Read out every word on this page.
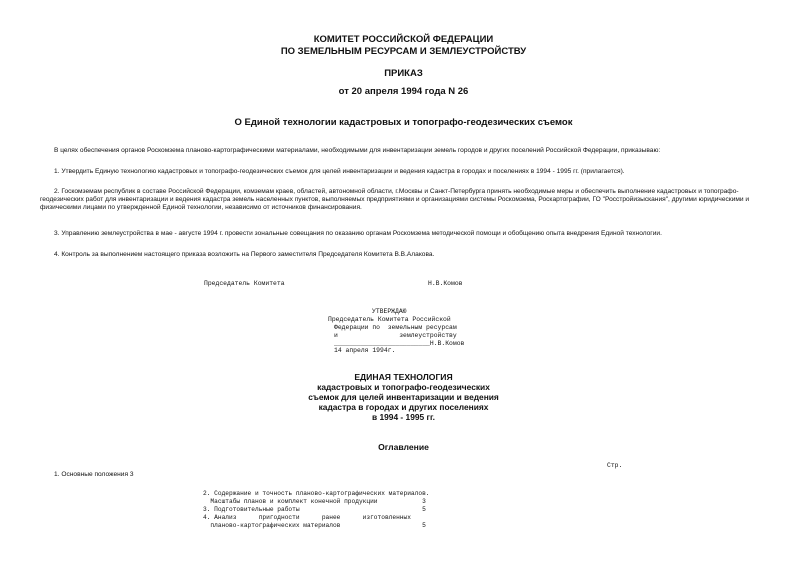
КОМИТЕТ РОССИЙСКОЙ ФЕДЕРАЦИИ
ПО ЗЕМЕЛЬНЫМ РЕСУРСАМ И ЗЕМЛЕУСТРОЙСТВУ
ПРИКАЗ
от 20 апреля 1994 года N 26
О Единой технологии кадастровых и топографо-геодезических съемок
В целях обеспечения органов Роскомзема планово-картографическими материалами, необходимыми для инвентаризации земель городов и других поселений Российской Федерации, приказываю:
1. Утвердить Единую технологию кадастровых и топографо-геодезических съемок для целей инвентаризации и ведения кадастра в городах и поселениях в 1994 - 1995 гг. (прилагается).
2. Госкомземам республик в составе Российской Федерации, комземам краев, областей, автономной области, г.Москвы и Санкт-Петербурга принять необходимые меры и обеспечить выполнение кадастровых и топографо-геодезических работ для инвентаризации и ведения кадастра земель населенных пунктов, выполняемых предприятиями и организациями системы Роскомзема, Роскартографии, ГО "Росстройизыскания", другими юридическими и физическими лицами по утвержденной Единой технологии, независимо от источников финансирования.
3. Управлению землеустройства в мае - августе 1994 г. провести зональные совещания по оказанию органам Роскомзема методической помощи и обобщению опыта внедрения Единой технологии.
4. Контроль за выполнением настоящего приказа возложить на Первого заместителя Председателя Комитета В.В.Алакова.
Председатель Комитета	Н.В.Комов
УТВЕРЖДАЮ
Председатель Комитета Российской
Федерации по  земельным ресурсам
и                землеустройству
_________________________Н.В.Комов
14 апреля 1994г.
ЕДИНАЯ ТЕХНОЛОГИЯ
кадастровых и топографо-геодезических
съемок для целей инвентаризации и ведения
кадастра в городах и других поселениях
в 1994 - 1995 гг.
Оглавление
Стр.
1. Основные положения 3
2. Содержание и точность планово-картографических материалов.
Масштабы планов и комплект конечной продукции            3
3. Подготовительные работы                                 5
4. Анализ      пригодности      ранее      изготовленных
планово-картографических материалов                      5
